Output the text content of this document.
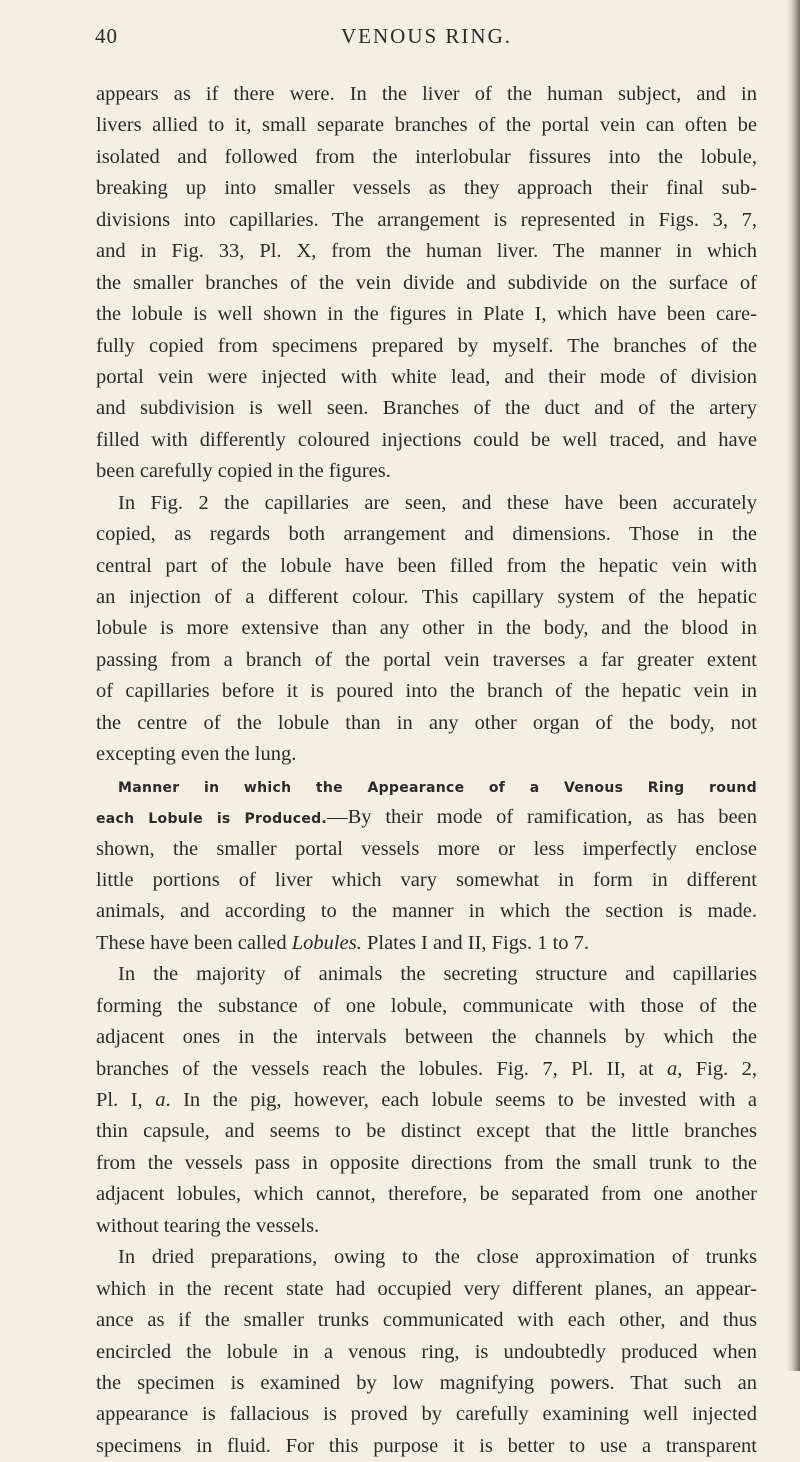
40	VENOUS RING.
appears as if there were. In the liver of the human subject, and in
livers allied to it, small separate branches of the portal vein can often be
isolated and followed from the interlobular fissures into the lobule,
breaking up into smaller vessels as they approach their final sub-
divisions into capillaries. The arrangement is represented in Figs. 3, 7,
and in Fig. 33, Pl. X, from the human liver. The manner in which
the smaller branches of the vein divide and subdivide on the surface of
the lobule is well shown in the figures in Plate I, which have been care-
fully copied from specimens prepared by myself. The branches of the
portal vein were injected with white lead, and their mode of division
and subdivision is well seen. Branches of the duct and of the artery
filled with differently coloured injections could be well traced, and have
been carefully copied in the figures.
In Fig. 2 the capillaries are seen, and these have been accurately
copied, as regards both arrangement and dimensions. Those in the
central part of the lobule have been filled from the hepatic vein with
an injection of a different colour. This capillary system of the hepatic
lobule is more extensive than any other in the body, and the blood in
passing from a branch of the portal vein traverses a far greater extent
of capillaries before it is poured into the branch of the hepatic vein in
the centre of the lobule than in any other organ of the body, not
excepting even the lung.
Manner in which the Appearance of a Venous Ring round
each Lobule is Produced.—By their mode of ramification, as has been
shown, the smaller portal vessels more or less imperfectly enclose
little portions of liver which vary somewhat in form in different
animals, and according to the manner in which the section is made.
These have been called Lobules. Plates I and II, Figs. 1 to 7.
In the majority of animals the secreting structure and capillaries
forming the substance of one lobule, communicate with those of the
adjacent ones in the intervals between the channels by which the
branches of the vessels reach the lobules. Fig. 7, Pl. II, at a, Fig. 2,
Pl. I, a. In the pig, however, each lobule seems to be invested with a
thin capsule, and seems to be distinct except that the little branches
from the vessels pass in opposite directions from the small trunk to the
adjacent lobules, which cannot, therefore, be separated from one another
without tearing the vessels.
In dried preparations, owing to the close approximation of trunks
which in the recent state had occupied very different planes, an appear-
ance as if the smaller trunks communicated with each other, and thus
encircled the lobule in a venous ring, is undoubtedly produced when
the specimen is examined by low magnifying powers. That such an
appearance is fallacious is proved by carefully examining well injected
specimens in fluid. For this purpose it is better to use a transparent
